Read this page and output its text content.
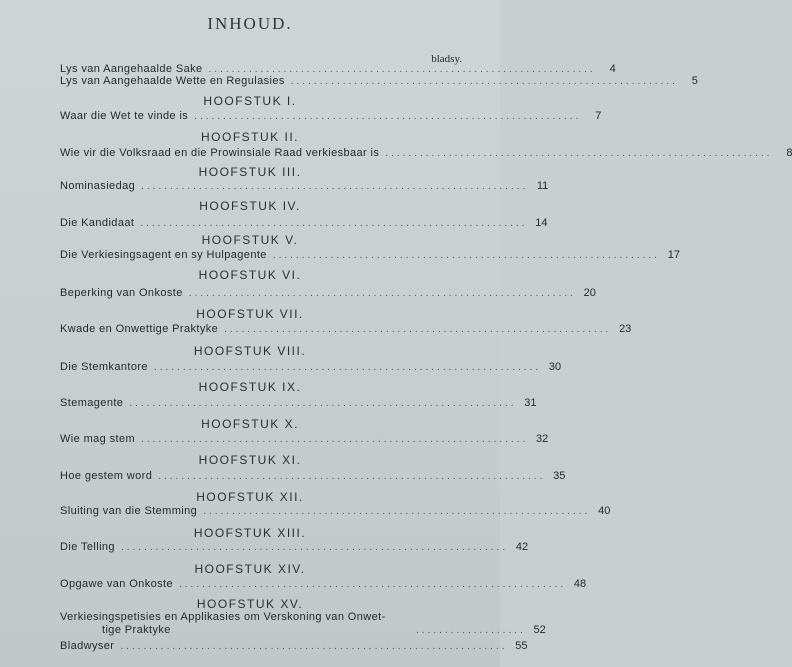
INHOUD.
bladsy.
Lys van Aangehaalde Sake ...................................................................	4
Lys van Aangehaalde Wette en Regulasies ...................................................................	5
HOOFSTUK I.
Waar die Wet te vinde is ...................................................................	7
HOOFSTUK II.
Wie vir die Volksraad en die Prowinsiale Raad verkiesbaar is ...................................................................	8
HOOFSTUK III.
Nominasiedag ................................................................... 11
HOOFSTUK IV.
Die Kandidaat ................................................................... 14
HOOFSTUK V.
Die Verkiesingsagent en sy Hulpagente ................................................................... 17
HOOFSTUK VI.
Beperking van Onkoste ................................................................... 20
HOOFSTUK VII.
Kwade en Onwettige Praktyke ................................................................... 23
HOOFSTUK VIII.
Die Stemkantore ................................................................... 30
HOOFSTUK IX.
Stemagente ................................................................... 31
HOOFSTUK X.
Wie mag stem ................................................................... 32
HOOFSTUK XI.
Hoe gestem word ................................................................... 35
HOOFSTUK XII.
Sluiting van die Stemming ................................................................... 40
HOOFSTUK XIII.
Die Telling ................................................................... 42
HOOFSTUK XIV.
Opgawe van Onkoste ................................................................... 48
HOOFSTUK XV.
Verkiesingspetisies en Applikasies om Verskoning van Onwet-
tige Praktyke	................... 52
Bladwyser ................................................................... 55
